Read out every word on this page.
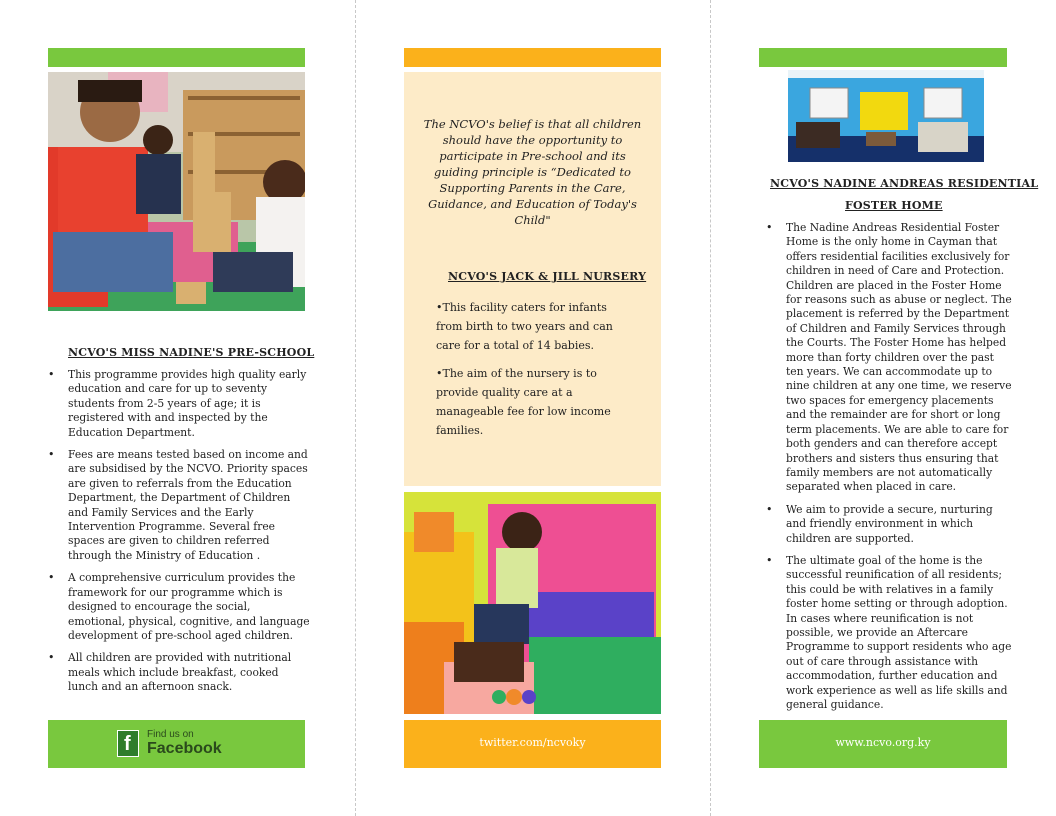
NCVO'S MISS NADINE'S PRE-SCHOOL
• This programme provides high quality early education and care for up to seventy students from 2-5 years of age; it is registered with and inspected by the Education Department.
• Fees are means tested based on income and are subsidised by the NCVO. Priority spaces are given to referrals from the Education Department, the Department of Children and Family Services and the Early Intervention Programme. Several free spaces are given to children referred through the Ministry of Education .
• A comprehensive curriculum provides the framework for our programme which is designed to encourage the social, emotional, physical, cognitive, and language development of pre-school aged children.
• All children are provided with nutritional meals which include breakfast, cooked lunch and an afternoon snack.
f Find us on
Facebook
The NCVO's belief is that all children should have the opportunity to participate in Pre-school and its guiding principle is “Dedicated to Supporting Parents in the Care, Guidance, and Education of Today's Child"
NCVO'S JACK & JILL NURSERY
•This facility caters for infants from birth to two years and can care for a total of 14 babies.
•The aim of the nursery is to provide quality care at a manageable fee for low income families.
twitter.com/ncvoky
NCVO'S NADINE ANDREAS RESIDENTIAL
FOSTER HOME
• The Nadine Andreas Residential Foster Home is the only home in Cayman that offers residential facilities exclusively for children in need of Care and Protection. Children are placed in the Foster Home for reasons such as abuse or neglect. The placement is referred by the Department of Children and Family Services through the Courts. The Foster Home has helped more than forty children over the past ten years. We can accommodate up to nine children at any one time, we reserve two spaces for emergency placements and the remainder are for short or long term placements. We are able to care for both genders and can therefore accept brothers and sisters thus ensuring that family members are not automatically separated when placed in care.
• We aim to provide a secure, nurturing and friendly environment in which children are supported.
• The ultimate goal of the home is the successful reunification of all residents; this could be with relatives in a family foster home setting or through adoption. In cases where reunification is not possible, we provide an Aftercare Programme to support residents who age out of care through assistance with accommodation, further education and work experience as well as life skills and general guidance.
www.ncvo.org.ky
